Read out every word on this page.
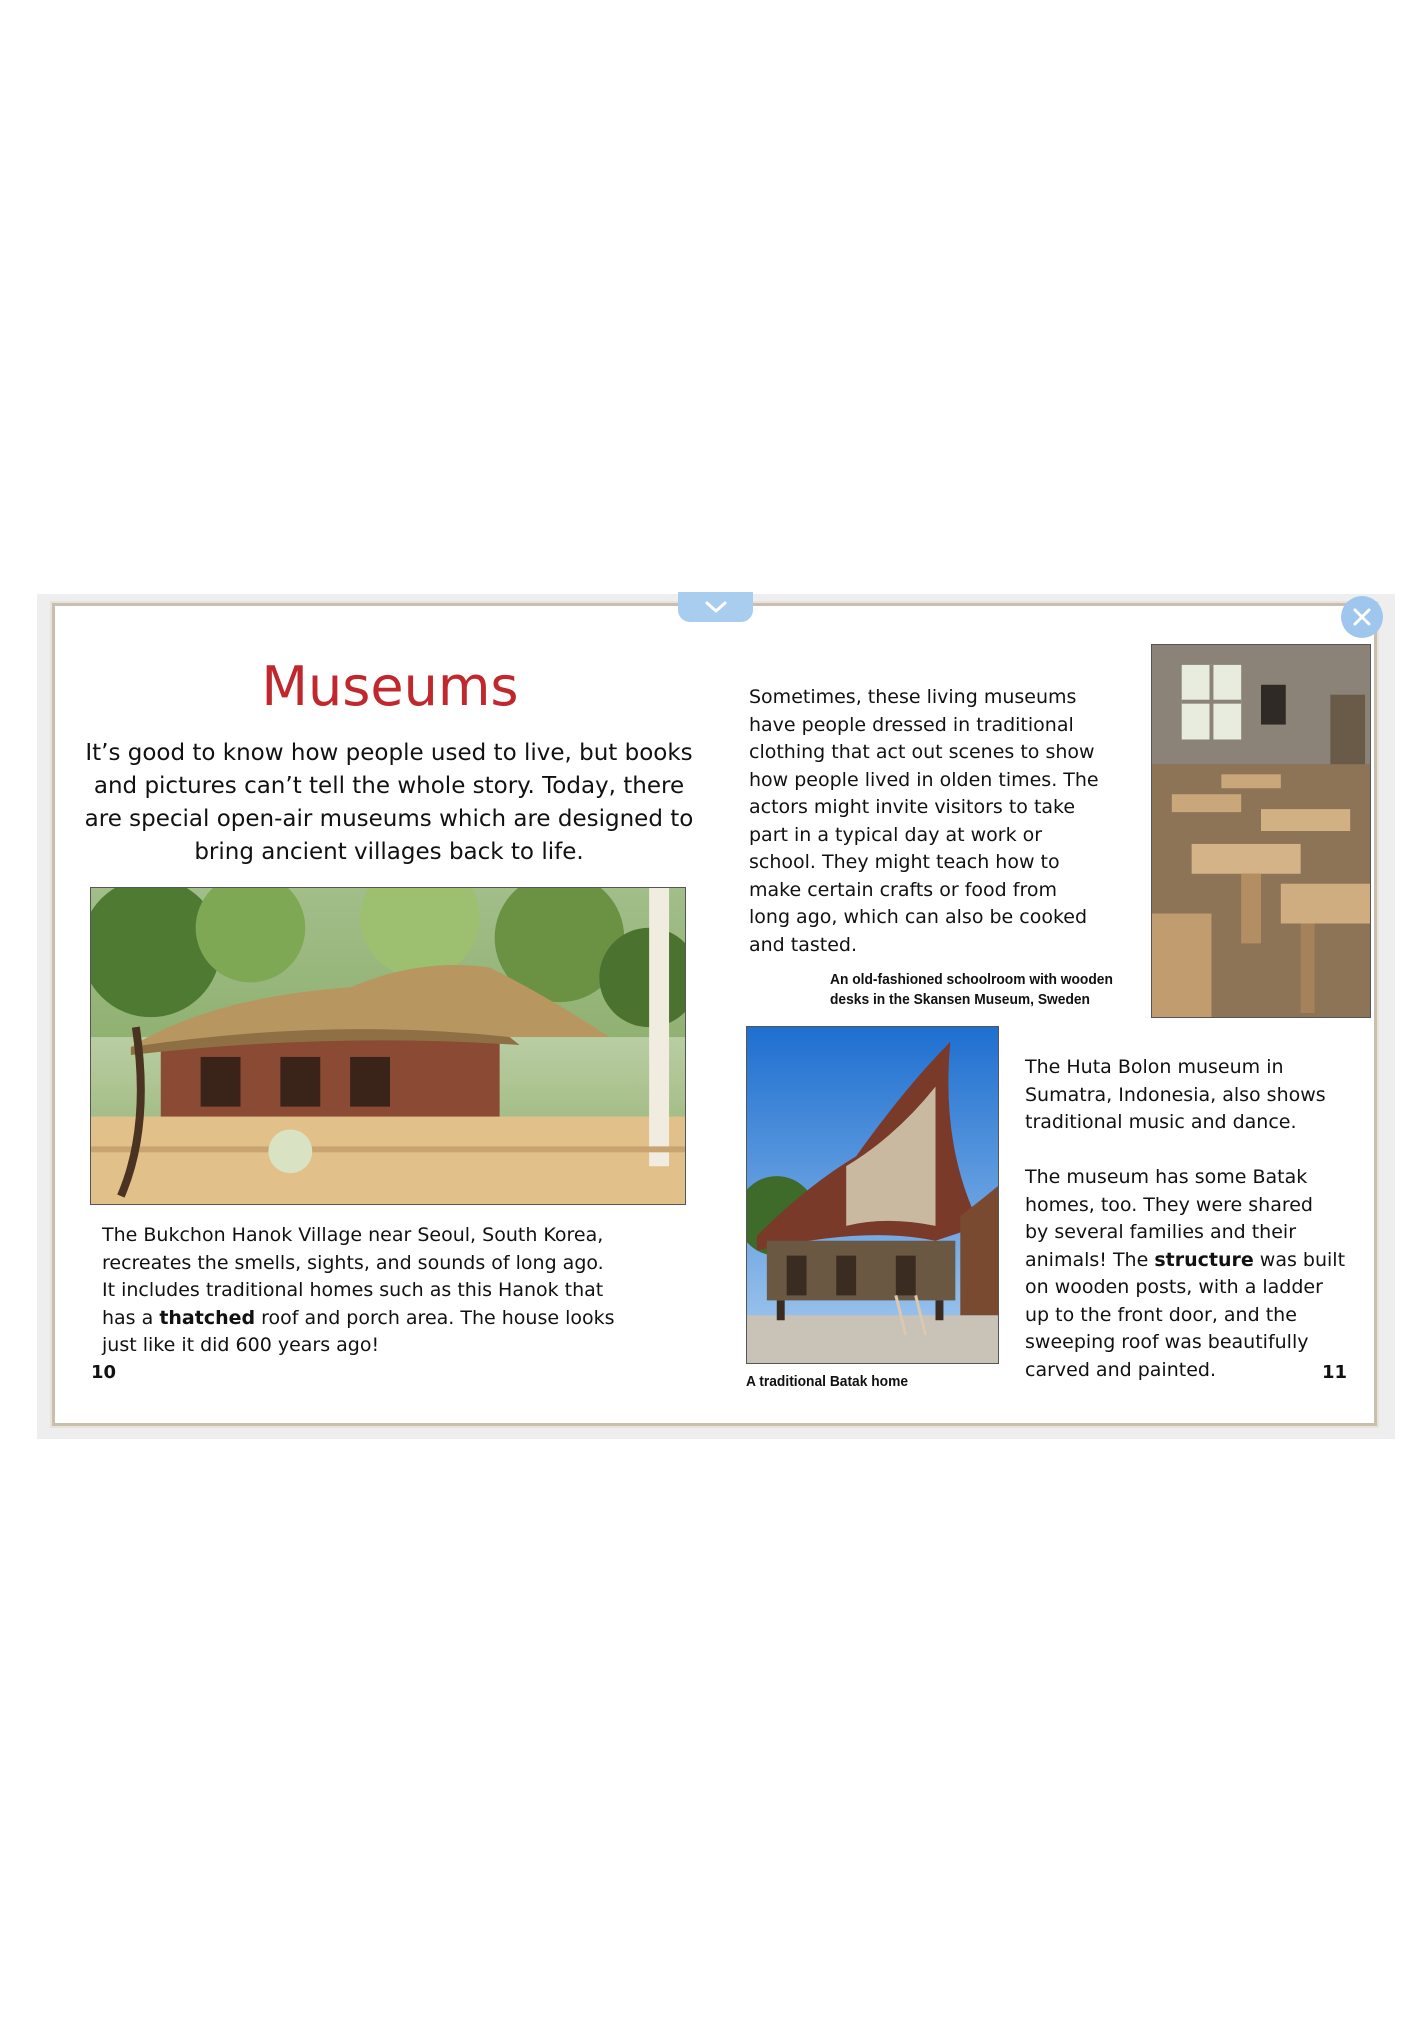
Museums
It’s good to know how people used to live, but books and pictures can’t tell the whole story. Today, there are special open-air museums which are designed to bring ancient villages back to life.
The Bukchon Hanok Village near Seoul, South Korea,
recreates the smells, sights, and sounds of long ago.
It includes traditional homes such as this Hanok that
has a thatched roof and porch area. The house looks
just like it did 600 years ago!
10
Sometimes, these living museums
have people dressed in traditional
clothing that act out scenes to show
how people lived in olden times. The
actors might invite visitors to take
part in a typical day at work or
school. They might teach how to
make certain crafts or food from
long ago, which can also be cooked
and tasted.
An old-fashioned schoolroom with wooden
desks in the Skansen Museum, Sweden
A traditional Batak home
The Huta Bolon museum in
Sumatra, Indonesia, also shows
traditional music and dance.
The museum has some Batak
homes, too. They were shared
by several families and their
animals! The structure was built
on wooden posts, with a ladder
up to the front door, and the
sweeping roof was beautifully
carved and painted.	11
